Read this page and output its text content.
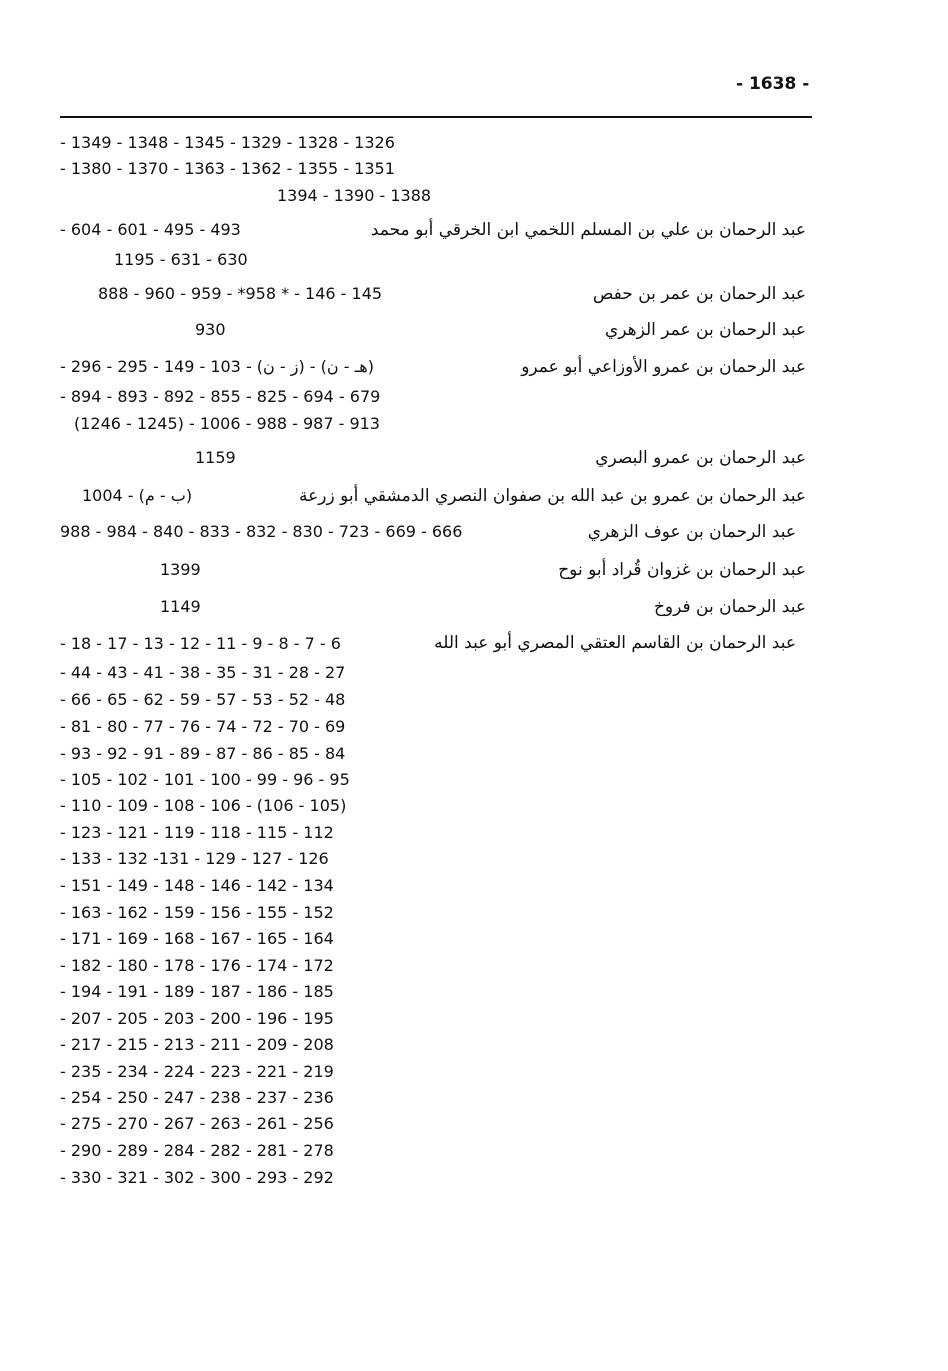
- 1638 -
- 1349 - 1348 - 1345 - 1329 - 1328 - 1326
- 1380 - 1370 - 1363 - 1362 - 1355 - 1351
1394 - 1390 - 1388
عبد الرحمان بن علي بن المسلم اللخمي ابن الخرقي أبو محمد
- 604 - 601 - 495 - 493
1195 - 631 - 630
عبد الرحمان بن عمر بن حفص
888 - 960 - 959 - *958 * - 146 - 145
عبد الرحمان بن عمر الزهري
930
عبد الرحمان بن عمرو الأوزاعي أبو عمرو
- 296 - 295 - 149 - 103 - (ز - ن) - (هـ - ن)
- 894 - 893 - 892 - 855 - 825 - 694 - 679
(1246 - 1245) - 1006 - 988 - 987 - 913
عبد الرحمان بن عمرو البصري
1159
عبد الرحمان بن عمرو بن عبد الله بن صفوان النصري الدمشقي أبو زرعة
1004 - (ب - م)
عبد الرحمان بن عوف الزهري
988 - 984 - 840 - 833 - 832 - 830 - 723 - 669 - 666
عبد الرحمان بن غزوان قُراد أبو نوح
1399
عبد الرحمان بن فروخ
1149
عبد الرحمان بن القاسم العتقي المصري أبو عبد الله
- 18 - 17 - 13 - 12 - 11 - 9 - 8 - 7 - 6
- 44 - 43 - 41 - 38 - 35 - 31 - 28 - 27
- 66 - 65 - 62 - 59 - 57 - 53 - 52 - 48
- 81 - 80 - 77 - 76 - 74 - 72 - 70 - 69
- 93 - 92 - 91 - 89 - 87 - 86 - 85 - 84
- 105 - 102 - 101 - 100 - 99 - 96 - 95
- 110 - 109 - 108 - 106 - (106 - 105)
- 123 - 121 - 119 - 118 - 115 - 112
- 133 - 132 -131 - 129 - 127 - 126
- 151 - 149 - 148 - 146 - 142 - 134
- 163 - 162 - 159 - 156 - 155 - 152
- 171 - 169 - 168 - 167 - 165 - 164
- 182 - 180 - 178 - 176 - 174 - 172
- 194 - 191 - 189 - 187 - 186 - 185
- 207 - 205 - 203 - 200 - 196 - 195
- 217 - 215 - 213 - 211 - 209 - 208
- 235 - 234 - 224 - 223 - 221 - 219
- 254 - 250 - 247 - 238 - 237 - 236
- 275 - 270 - 267 - 263 - 261 - 256
- 290 - 289 - 284 - 282 - 281 - 278
- 330 - 321 - 302 - 300 - 293 - 292
